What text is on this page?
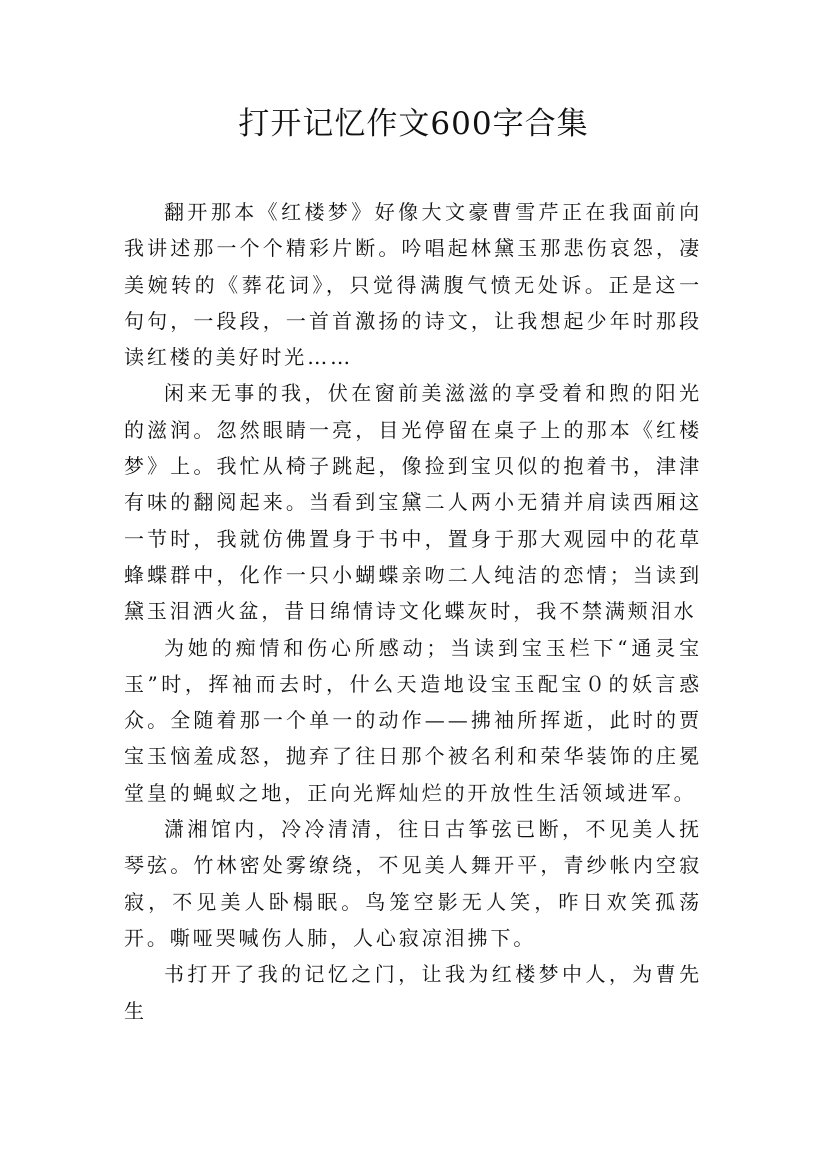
打开记忆作文600字合集

翻开那本《红楼梦》好像大文豪曹雪芹正在我面前向我讲述那一个个精彩片断。吟唱起林黛玉那悲伤哀怨，凄美婉转的《葬花词》，只觉得满腹气愤无处诉。正是这一句句，一段段，一首首激扬的诗文，让我想起少年时那段读红楼的美好时光……

闲来无事的我，伏在窗前美滋滋的享受着和煦的阳光的滋润。忽然眼睛一亮，目光停留在桌子上的那本《红楼梦》上。我忙从椅子跳起，像捡到宝贝似的抱着书，津津有味的翻阅起来。当看到宝黛二人两小无猜并肩读西厢这一节时，我就仿佛置身于书中，置身于那大观园中的花草蜂蝶群中，化作一只小蝴蝶亲吻二人纯洁的恋情；当读到黛玉泪洒火盆，昔日绵情诗文化蝶灰时，我不禁满颊泪水

为她的痴情和伤心所感动；当读到宝玉栏下“通灵宝玉”时，挥袖而去时，什么天造地设宝玉配宝０的妖言惑众。全随着那一个单一的动作——拂袖所挥逝，此时的贾宝玉恼羞成怒，抛弃了往日那个被名利和荣华装饰的庄冕堂皇的蝇蚁之地，正向光辉灿烂的开放性生活领域进军。

潇湘馆内，冷冷清清，往日古筝弦已断，不见美人抚琴弦。竹林密处雾缭绕，不见美人舞开平，青纱帐内空寂寂，不见美人卧榻眠。鸟笼空影无人笑，昨日欢笑孤荡开。嘶哑哭喊伤人肺，人心寂凉泪拂下。

书打开了我的记忆之门，让我为红楼梦中人，为曹先生
